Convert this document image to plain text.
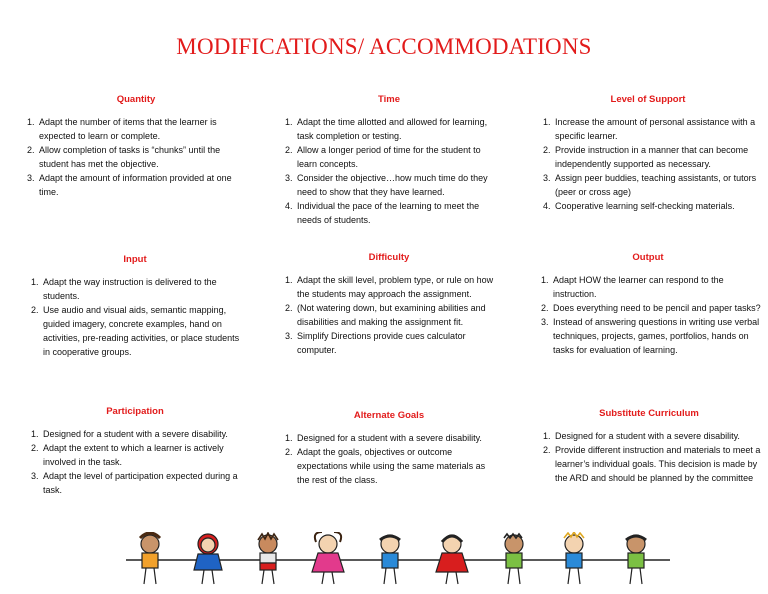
MODIFICATIONS/ ACCOMMODATIONS
Quantity
1. Adapt the number of items that the learner is expected to learn or complete.
2. Allow completion of tasks is “chunks” until the student has met the objective.
3. Adapt the amount of information provided at one time.
Time
1. Adapt the time allotted and allowed for learning, task completion or testing.
2. Allow a longer period of time for the student to learn concepts.
3. Consider the objective…how much time do they need to show that they have learned.
4. Individual the pace of the learning to meet the needs of students.
Level of Support
1. Increase the amount of personal assistance with a specific learner.
2. Provide instruction in a manner that can become independently supported as necessary.
3. Assign peer buddies, teaching assistants, or tutors (peer or cross age)
4. Cooperative learning self-checking materials.
Input
1. Adapt the way instruction is delivered to the students.
2. Use audio and visual aids, semantic mapping, guided imagery, concrete examples, hand on activities, pre-reading activities, or place students in cooperative groups.
Difficulty
1. Adapt the skill level, problem type, or rule on how the students may approach the assignment.
2. (Not watering down, but examining abilities and disabilities and making the assignment fit.
3. Simplify Directions provide cues calculator computer.
Output
1. Adapt HOW the learner can respond to the instruction.
2. Does everything need to be pencil and paper tasks?
3. Instead of answering questions in writing use verbal techniques, projects, games, portfolios, hands on tasks for evaluation of learning.
Participation
1. Designed for a student with a severe disability.
2. Adapt the extent to which a learner is actively involved in the task.
3. Adapt the level of participation expected during a task.
Alternate Goals
1. Designed for a student with a severe disability.
2. Adapt the goals, objectives or outcome expectations while using the same materials as the rest of the class.
Substitute Curriculum
1. Designed for a student with a severe disability.
2. Provide different instruction and materials to meet a learner’s individual goals. This decision is made by the ARD and should be planned by the committee
